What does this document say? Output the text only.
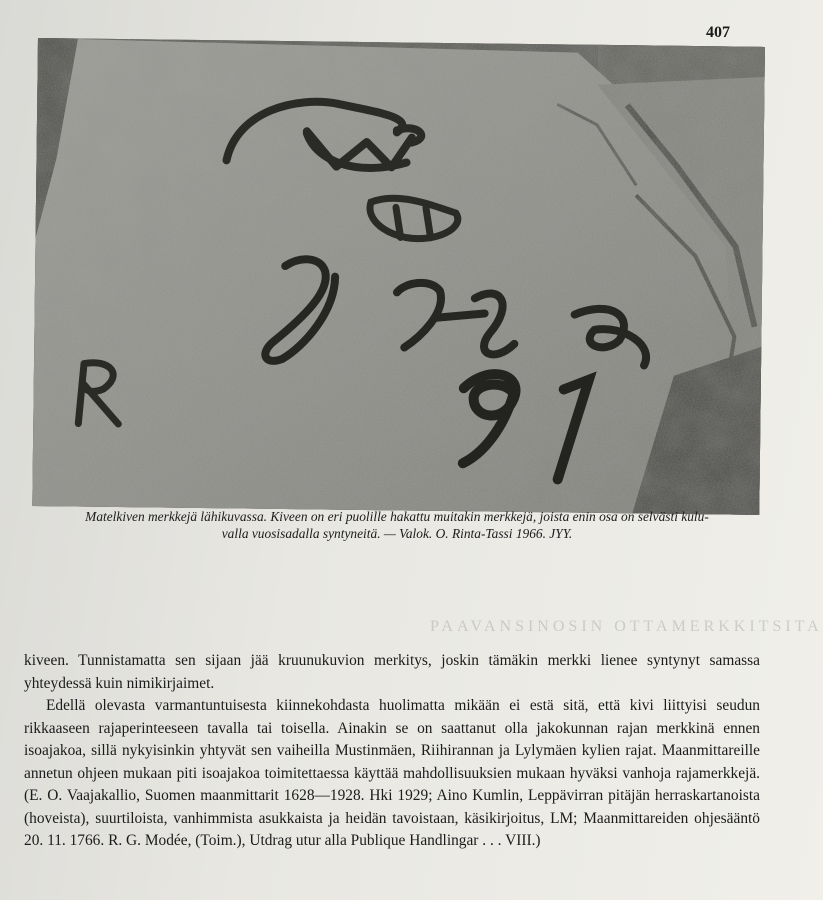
407
Matelkiven merkkejä lähikuvassa. Kiveen on eri puolille hakattu muitakin merkkejä, joista enin osa on selvästi kulu-
valla vuosisadalla syntyneitä. — Valok. O. Rinta-Tassi 1966. JYY.
PAAVANSINOSIN OTTAMERKKITSITA

kiveen. Tunnistamatta sen sijaan jää kruunukuvion merkitys, joskin tämäkin merkki lienee syntynyt samassa yhteydessä kuin nimikirjaimet.

Edellä olevasta varmantuntuisesta kiinnekohdasta huolimatta mikään ei estä sitä, että kivi liittyisi seudun rikkaaseen rajaperinteeseen tavalla tai toisella. Ainakin se on saattanut olla jakokunnan rajan merkkinä ennen isoajakoa, sillä nykyisinkin yhtyvät sen vaiheilla Mustinmäen, Riihirannan ja Lylymäen kylien rajat. Maanmittareille annetun ohjeen mukaan piti isoajakoa toimitettaessa käyttää mahdollisuuksien mukaan hyväksi vanhoja rajamerkkejä. (E. O. Vaajakallio, Suomen maanmittarit 1628—1928. Hki 1929; Aino Kumlin, Leppävirran pitäjän herraskartanoista (hoveista), suurtiloista, vanhimmista asukkaista ja heidän tavoistaan, käsikirjoitus, LM; Maanmittareiden ohjesääntö 20. 11. 1766. R. G. Modée, (Toim.), Utdrag utur alla Publique Handlingar . . . VIII.)
